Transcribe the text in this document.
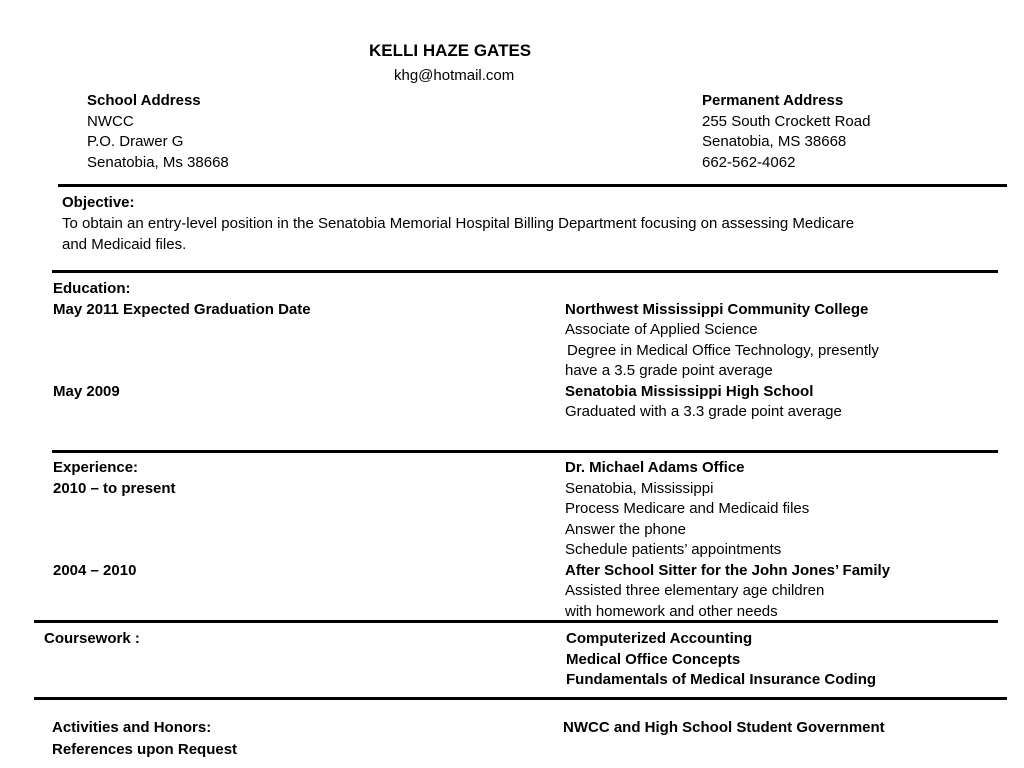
KELLI HAZE GATES
khg@hotmail.com
School Address
NWCC
P.O. Drawer G
Senatobia, Ms 38668
Permanent Address
255 South Crockett Road
Senatobia, MS 38668
662-562-4062
Objective:
To obtain an entry-level position in the Senatobia Memorial Hospital Billing Department focusing on assessing Medicare
and Medicaid files.
Education:
May 2011 Expected Graduation Date	Northwest Mississippi Community College
Associate of Applied Science
Degree in Medical Office Technology, presently
have a 3.5 grade point average
May 2009	Senatobia Mississippi High School
Graduated with a 3.3 grade point average
Experience:	Dr. Michael Adams Office
2010 – to present	Senatobia, Mississippi
Process Medicare and Medicaid files
Answer the phone
Schedule patients’ appointments
2004 – 2010	After School Sitter for the John Jones’ Family
Assisted three elementary age children
with homework and other needs
Coursework :	Computerized Accounting
Medical Office Concepts
Fundamentals of Medical Insurance Coding
Activities and Honors:	NWCC and High School Student Government
References upon Request
